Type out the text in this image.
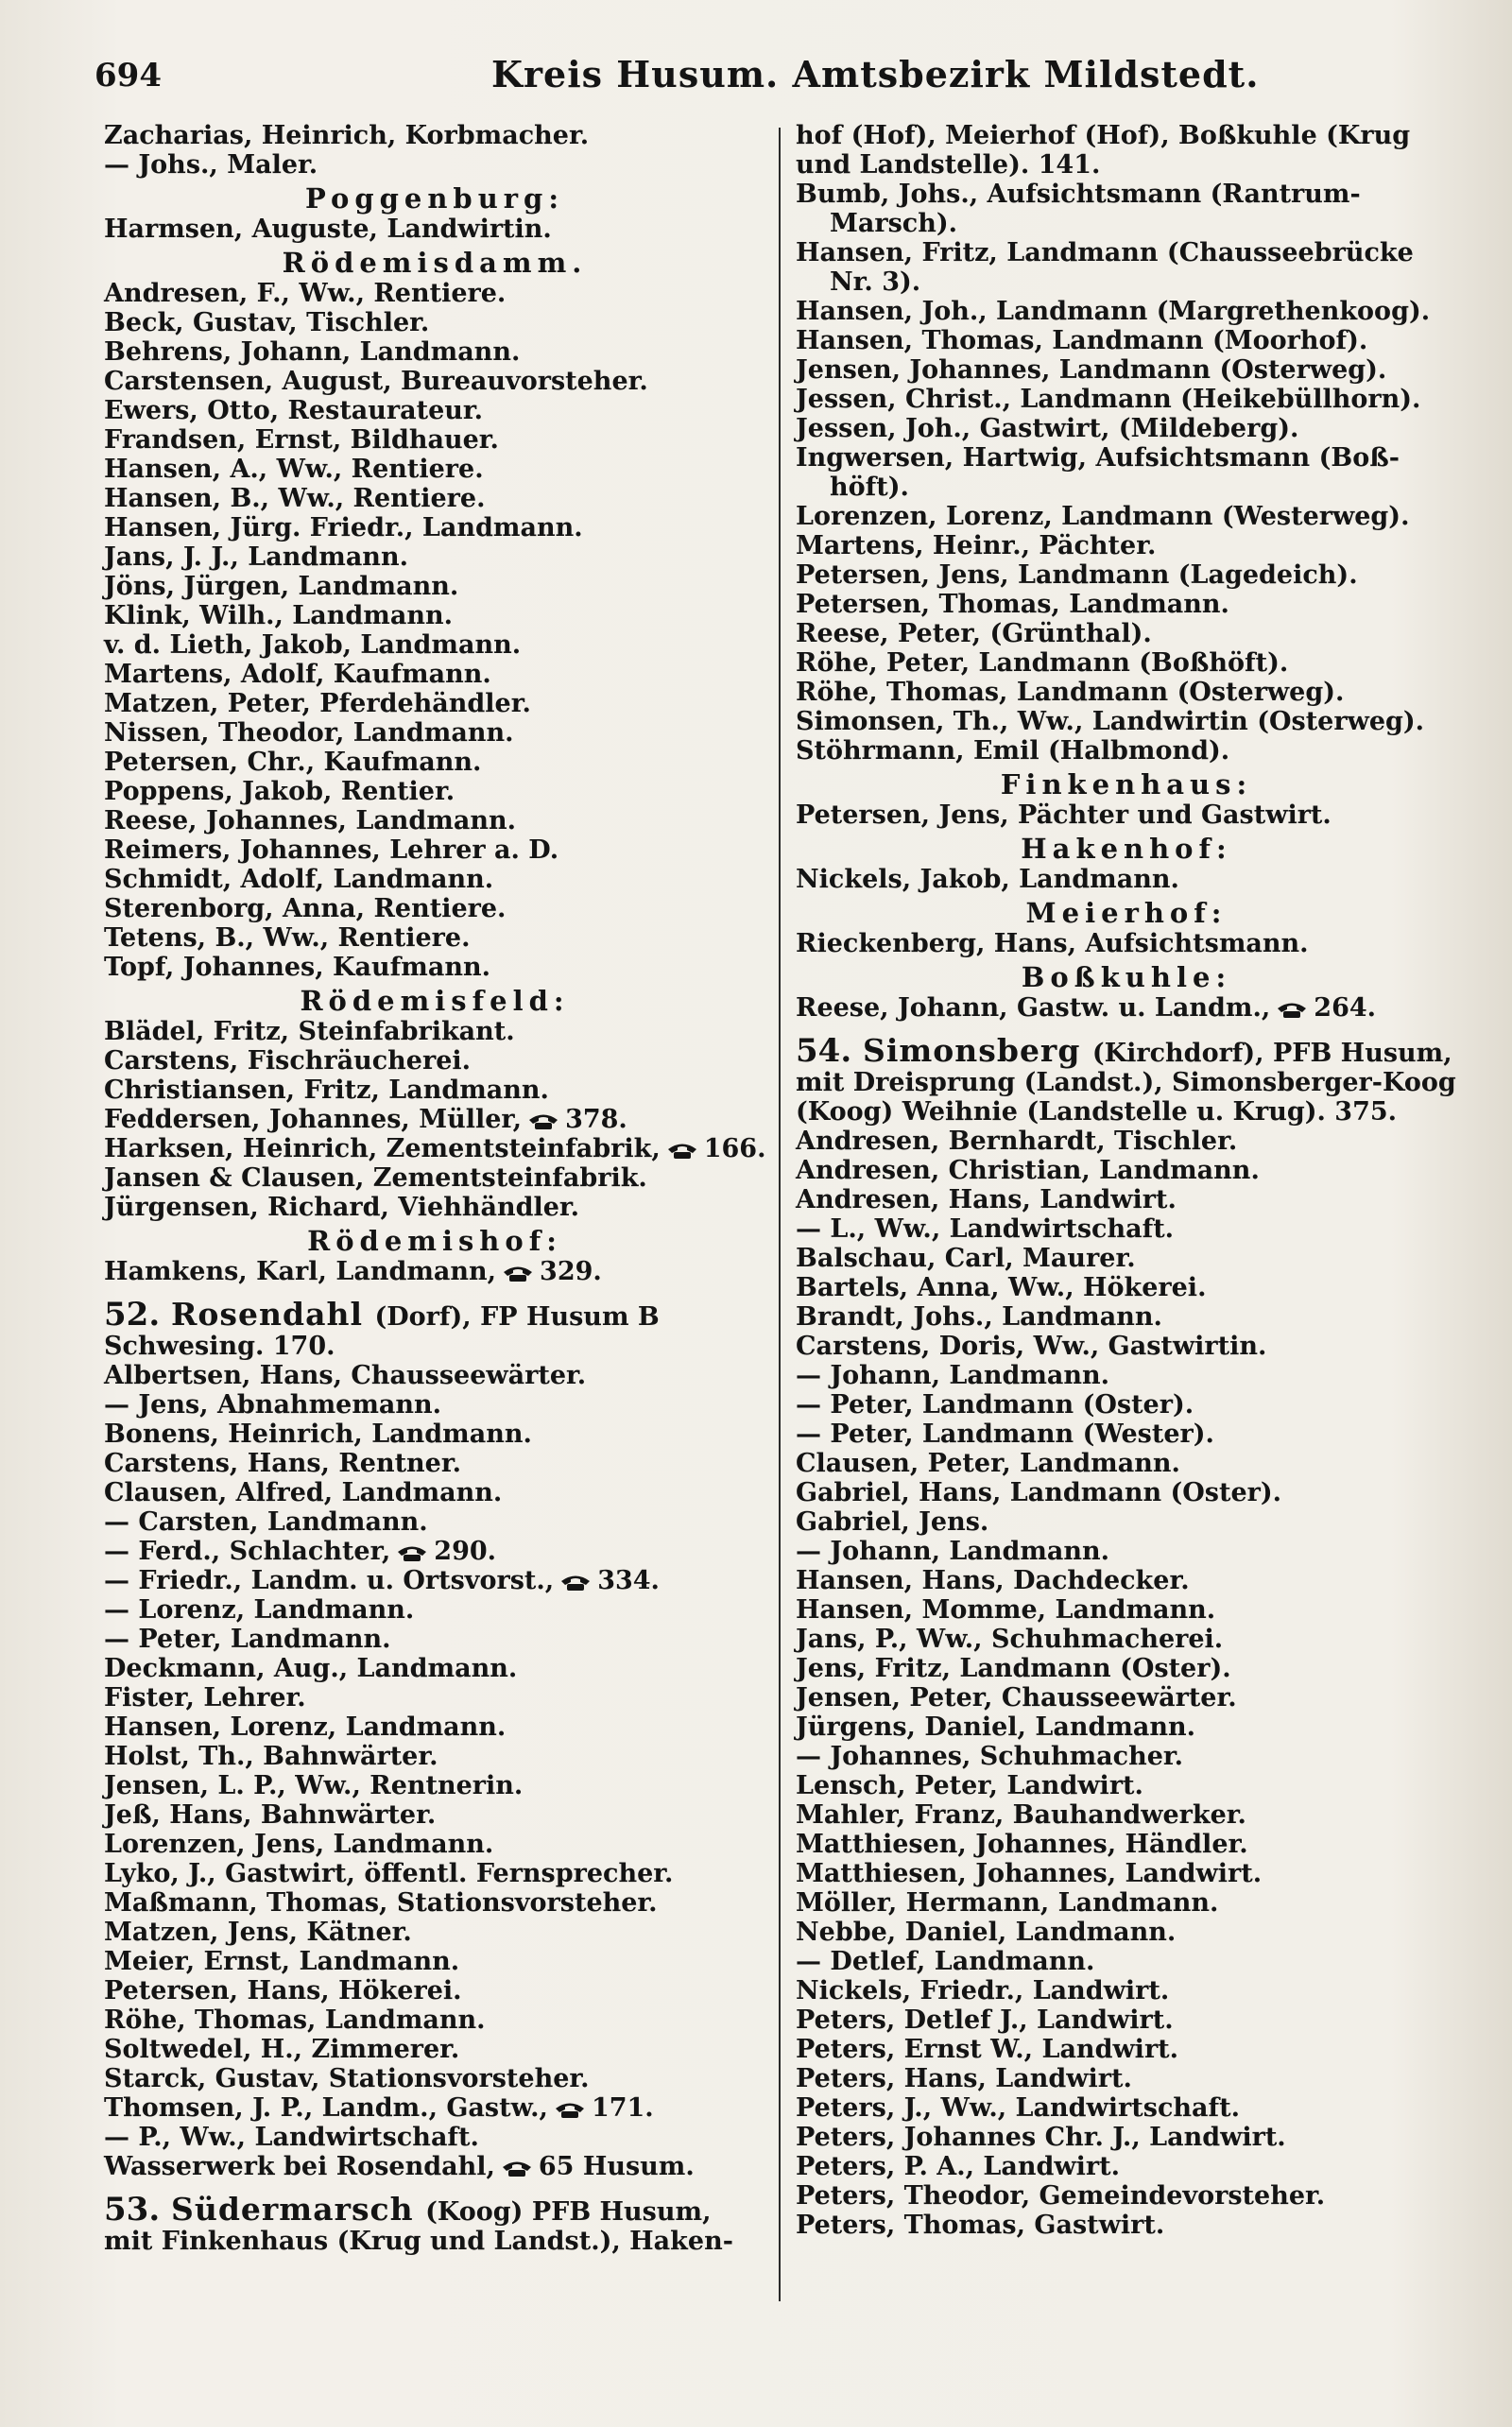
694	Kreis Husum. Amtsbezirk Mildstedt.
Zacharias, Heinrich, Korbmacher.
— Johs., Maler.
Poggenburg:
Harmsen, Auguste, Landwirtin.
Rödemisdamm.
Andresen, F., Ww., Rentiere.
Beck, Gustav, Tischler.
Behrens, Johann, Landmann.
Carstensen, August, Bureauvorsteher.
Ewers, Otto, Restaurateur.
Frandsen, Ernst, Bildhauer.
Hansen, A., Ww., Rentiere.
Hansen, B., Ww., Rentiere.
Hansen, Jürg. Friedr., Landmann.
Jans, J. J., Landmann.
Jöns, Jürgen, Landmann.
Klink, Wilh., Landmann.
v. d. Lieth, Jakob, Landmann.
Martens, Adolf, Kaufmann.
Matzen, Peter, Pferdehändler.
Nissen, Theodor, Landmann.
Petersen, Chr., Kaufmann.
Poppens, Jakob, Rentier.
Reese, Johannes, Landmann.
Reimers, Johannes, Lehrer a. D.
Schmidt, Adolf, Landmann.
Sterenborg, Anna, Rentiere.
Tetens, B., Ww., Rentiere.
Topf, Johannes, Kaufmann.
Rödemisfeld:
Blädel, Fritz, Steinfabrikant.
Carstens, Fischräucherei.
Christiansen, Fritz, Landmann.
Feddersen, Johannes, Müller, 378.
Harksen, Heinrich, Zementsteinfabrik, 166.
Jansen & Clausen, Zementsteinfabrik.
Jürgensen, Richard, Viehhändler.
Rödemishof:
Hamkens, Karl, Landmann, 329.
52. Rosendahl (Dorf), FP Husum B Schwesing. 170.
Albertsen, Hans, Chausseewärter.
— Jens, Abnahmemann.
Bonens, Heinrich, Landmann.
Carstens, Hans, Rentner.
Clausen, Alfred, Landmann.
— Carsten, Landmann.
— Ferd., Schlachter, 290.
— Friedr., Landm. u. Ortsvorst., 334.
— Lorenz, Landmann.
— Peter, Landmann.
Deckmann, Aug., Landmann.
Fister, Lehrer.
Hansen, Lorenz, Landmann.
Holst, Th., Bahnwärter.
Jensen, L. P., Ww., Rentnerin.
Jeß, Hans, Bahnwärter.
Lorenzen, Jens, Landmann.
Lyko, J., Gastwirt, öffentl. Fernsprecher.
Maßmann, Thomas, Stationsvorsteher.
Matzen, Jens, Kätner.
Meier, Ernst, Landmann.
Petersen, Hans, Hökerei.
Röhe, Thomas, Landmann.
Soltwedel, H., Zimmerer.
Starck, Gustav, Stationsvorsteher.
Thomsen, J. P., Landm., Gastw., 171.
— P., Ww., Landwirtschaft.
Wasserwerk bei Rosendahl, 65 Husum.
53. Südermarsch (Koog) PFB Husum, mit Finkenhaus (Krug und Landst.), Haken-
hof (Hof), Meierhof (Hof), Boßkuhle (Krug und Landstelle). 141.
Bumb, Johs., Aufsichtsmann (Rantrum-
Marsch).
Hansen, Fritz, Landmann (Chausseebrücke
Nr. 3).
Hansen, Joh., Landmann (Margrethenkoog).
Hansen, Thomas, Landmann (Moorhof).
Jensen, Johannes, Landmann (Osterweg).
Jessen, Christ., Landmann (Heikebüllhorn).
Jessen, Joh., Gastwirt, (Mildeberg).
Ingwersen, Hartwig, Aufsichtsmann (Boß-
höft).
Lorenzen, Lorenz, Landmann (Westerweg).
Martens, Heinr., Pächter.
Petersen, Jens, Landmann (Lagedeich).
Petersen, Thomas, Landmann.
Reese, Peter, (Grünthal).
Röhe, Peter, Landmann (Boßhöft).
Röhe, Thomas, Landmann (Osterweg).
Simonsen, Th., Ww., Landwirtin (Osterweg).
Stöhrmann, Emil (Halbmond).
Finkenhaus:
Petersen, Jens, Pächter und Gastwirt.
Hakenhof:
Nickels, Jakob, Landmann.
Meierhof:
Rieckenberg, Hans, Aufsichtsmann.
Boßkuhle:
Reese, Johann, Gastw. u. Landm., 264.
54. Simonsberg (Kirchdorf), PFB Husum, mit Dreisprung (Landst.), Simonsberger-Koog (Koog) Weihnie (Landstelle u. Krug). 375.
Andresen, Bernhardt, Tischler.
Andresen, Christian, Landmann.
Andresen, Hans, Landwirt.
— L., Ww., Landwirtschaft.
Balschau, Carl, Maurer.
Bartels, Anna, Ww., Hökerei.
Brandt, Johs., Landmann.
Carstens, Doris, Ww., Gastwirtin.
— Johann, Landmann.
— Peter, Landmann (Oster).
— Peter, Landmann (Wester).
Clausen, Peter, Landmann.
Gabriel, Hans, Landmann (Oster).
Gabriel, Jens.
— Johann, Landmann.
Hansen, Hans, Dachdecker.
Hansen, Momme, Landmann.
Jans, P., Ww., Schuhmacherei.
Jens, Fritz, Landmann (Oster).
Jensen, Peter, Chausseewärter.
Jürgens, Daniel, Landmann.
— Johannes, Schuhmacher.
Lensch, Peter, Landwirt.
Mahler, Franz, Bauhandwerker.
Matthiesen, Johannes, Händler.
Matthiesen, Johannes, Landwirt.
Möller, Hermann, Landmann.
Nebbe, Daniel, Landmann.
— Detlef, Landmann.
Nickels, Friedr., Landwirt.
Peters, Detlef J., Landwirt.
Peters, Ernst W., Landwirt.
Peters, Hans, Landwirt.
Peters, J., Ww., Landwirtschaft.
Peters, Johannes Chr. J., Landwirt.
Peters, P. A., Landwirt.
Peters, Theodor, Gemeindevorsteher.
Peters, Thomas, Gastwirt.
